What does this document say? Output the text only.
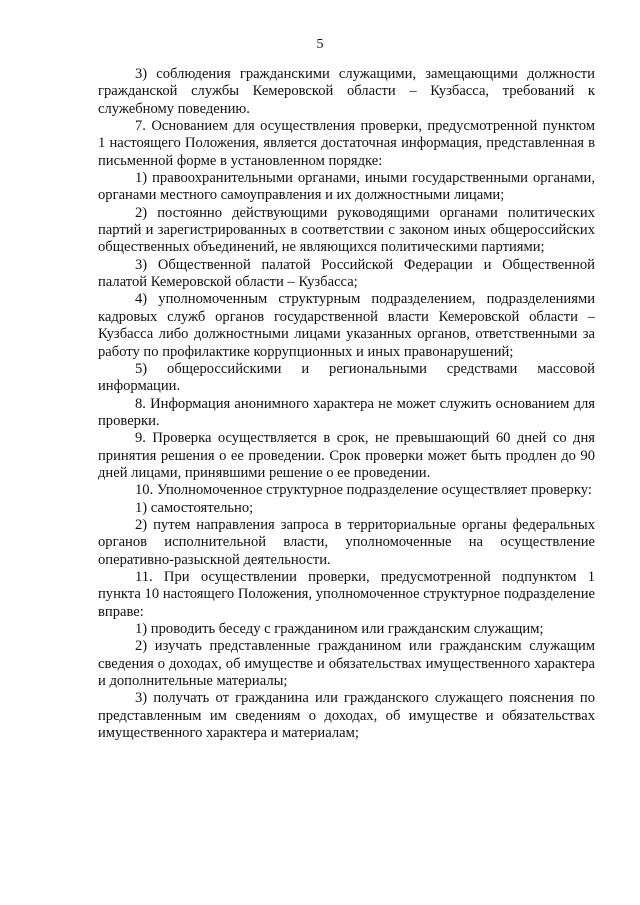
5

3) соблюдения гражданскими служащими, замещающими должности гражданской службы Кемеровской области – Кузбасса, требований к служебному поведению.

7. Основанием для осуществления проверки, предусмотренной пунктом 1 настоящего Положения, является достаточная информация, представленная в письменной форме в установленном порядке:

1) правоохранительными органами, иными государственными органами, органами местного самоуправления и их должностными лицами;

2) постоянно действующими руководящими органами политических партий и зарегистрированных в соответствии с законом иных общероссийских общественных объединений, не являющихся политическими партиями;

3) Общественной палатой Российской Федерации и Общественной палатой Кемеровской области – Кузбасса;

4) уполномоченным структурным подразделением, подразделениями кадровых служб органов государственной власти Кемеровской области – Кузбасса либо должностными лицами указанных органов, ответственными за работу по профилактике коррупционных и иных правонарушений;

5) общероссийскими и региональными средствами массовой информации.

8. Информация анонимного характера не может служить основанием для проверки.

9. Проверка осуществляется в срок, не превышающий 60 дней со дня принятия решения о ее проведении. Срок проверки может быть продлен до 90 дней лицами, принявшими решение о ее проведении.

10. Уполномоченное структурное подразделение осуществляет проверку:

1) самостоятельно;

2) путем направления запроса в территориальные органы федеральных органов исполнительной власти, уполномоченные на осуществление оперативно-разыскной деятельности.

11. При осуществлении проверки, предусмотренной подпунктом 1 пункта 10 настоящего Положения, уполномоченное структурное подразделение вправе:

1) проводить беседу с гражданином или гражданским служащим;

2) изучать представленные гражданином или гражданским служащим сведения о доходах, об имуществе и обязательствах имущественного характера и дополнительные материалы;

3) получать от гражданина или гражданского служащего пояснения по представленным им сведениям о доходах, об имуществе и обязательствах имущественного характера и материалам;
